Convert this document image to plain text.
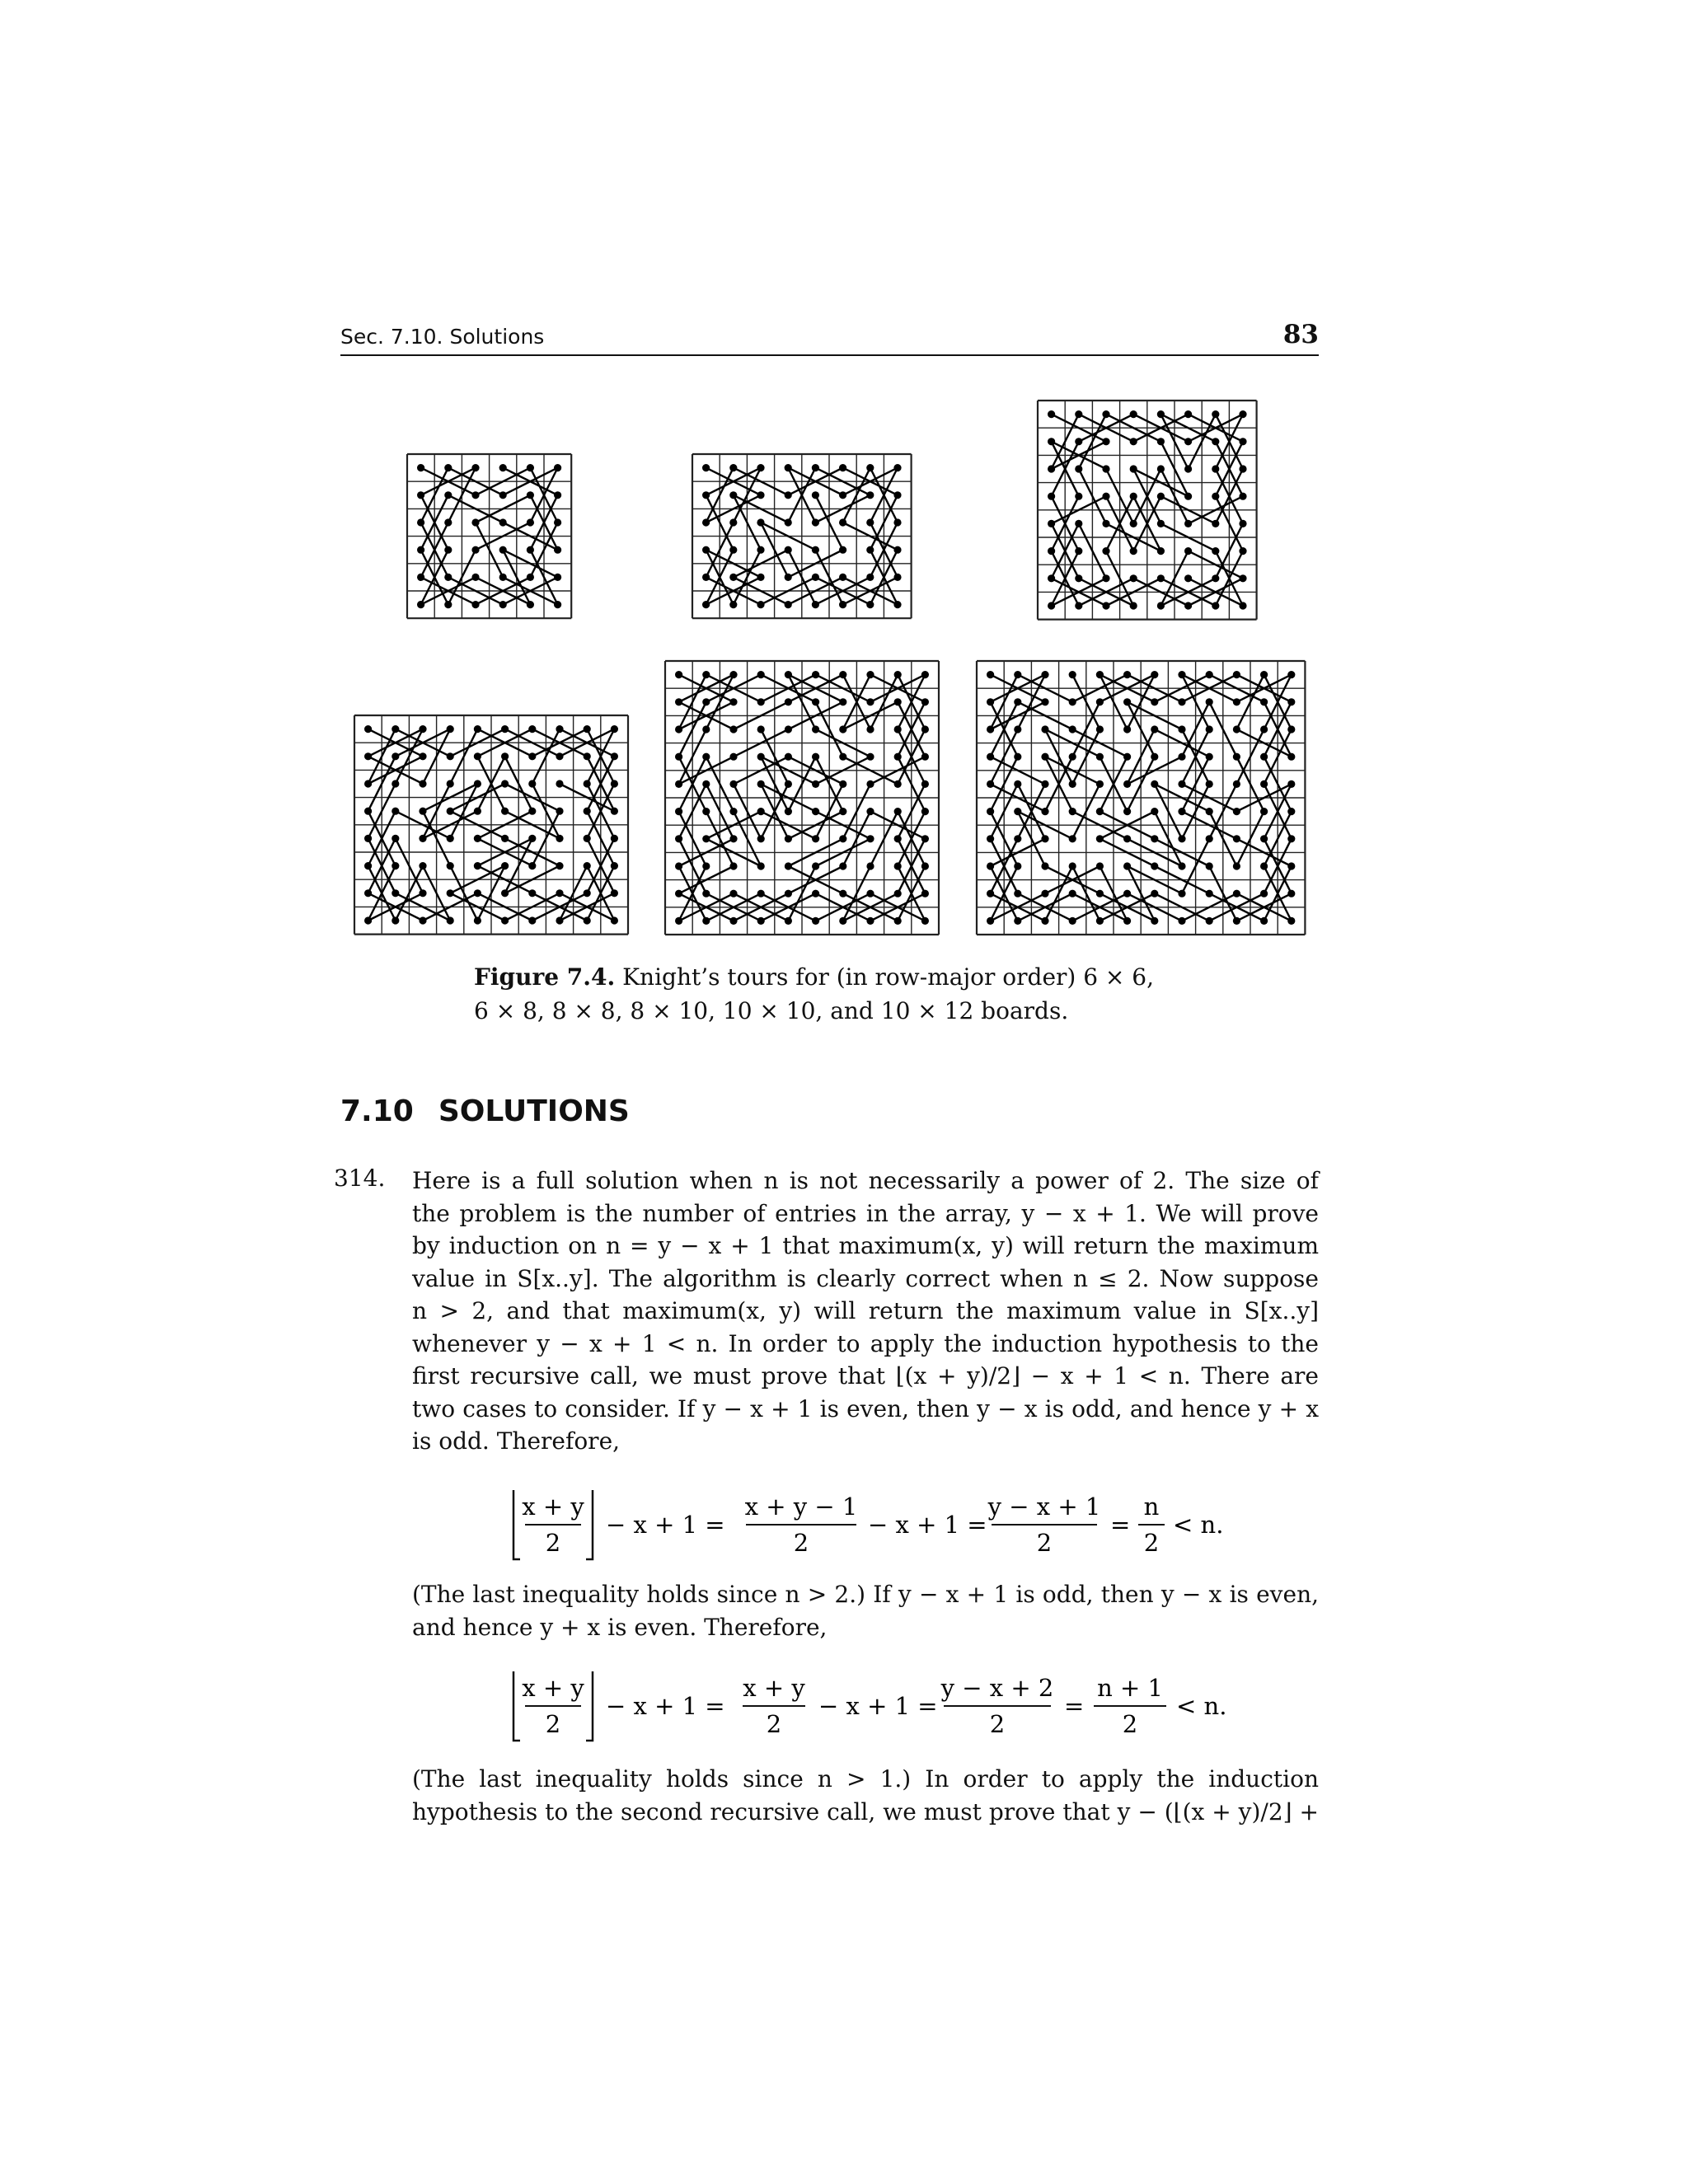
Sec. 7.10. Solutions	83
Figure 7.4. Knight’s tours for (in row-major order) 6 × 6,
6 × 8, 8 × 8, 8 × 10, 10 × 10, and 10 × 12 boards.
7.10 SOLUTIONS
314. Here is a full solution when n is not necessarily a power of 2. The size of
the problem is the number of entries in the array, y − x + 1. We will prove
by induction on n = y − x + 1 that maximum(x, y) will return the maximum
value in S[x..y]. The algorithm is clearly correct when n ≤ 2. Now suppose
n > 2, and that maximum(x, y) will return the maximum value in S[x..y]
whenever y − x + 1 < n. In order to apply the induction hypothesis to the
first recursive call, we must prove that ⌊(x + y)/2⌋ − x + 1 < n. There are
two cases to consider. If y − x + 1 is even, then y − x is odd, and hence y + x
is odd. Therefore,
x + y
2
− x + 1 =
x + y − 1
2
− x + 1 =
y − x + 1
2
=
n
2
< n.
(The last inequality holds since n > 2.) If y − x + 1 is odd, then y − x is even,
and hence y + x is even. Therefore,
x + y
2
− x + 1 =
x + y
2
− x + 1 =
y − x + 2
2
=
n + 1
2
< n.
(The last inequality holds since n > 1.) In order to apply the induction
hypothesis to the second recursive call, we must prove that y − (⌊(x + y)/2⌋ +
